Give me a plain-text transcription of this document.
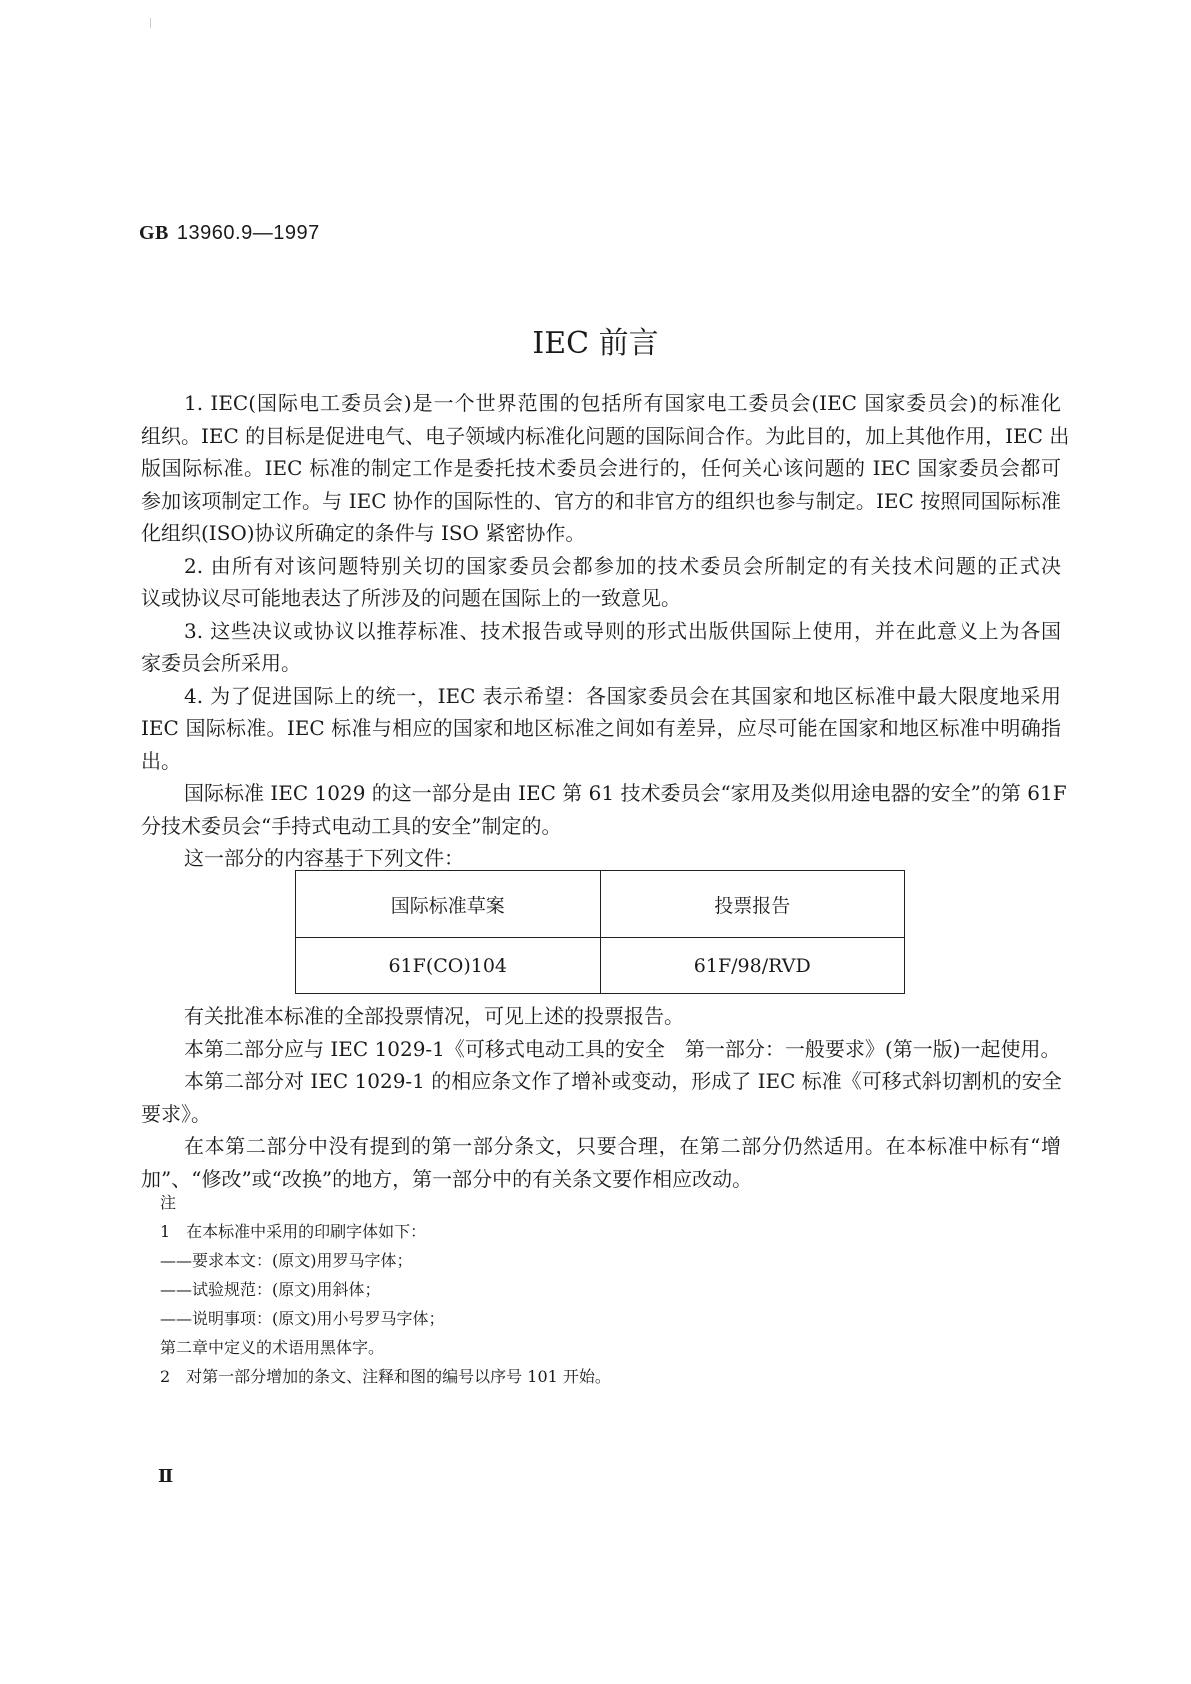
GB 13960.9—1997
IEC 前言
1. IEC(国际电工委员会)是一个世界范围的包括所有国家电工委员会(IEC 国家委员会)的标准化
组织。IEC 的目标是促进电气、电子领域内标准化问题的国际间合作。为此目的，加上其他作用，IEC 出
版国际标准。IEC 标准的制定工作是委托技术委员会进行的，任何关心该问题的 IEC 国家委员会都可
参加该项制定工作。与 IEC 协作的国际性的、官方的和非官方的组织也参与制定。IEC 按照同国际标准
化组织(ISO)协议所确定的条件与 ISO 紧密协作。
2. 由所有对该问题特别关切的国家委员会都参加的技术委员会所制定的有关技术问题的正式决
议或协议尽可能地表达了所涉及的问题在国际上的一致意见。
3. 这些决议或协议以推荐标准、技术报告或导则的形式出版供国际上使用，并在此意义上为各国
家委员会所采用。
4. 为了促进国际上的统一，IEC 表示希望：各国家委员会在其国家和地区标准中最大限度地采用
IEC 国际标准。IEC 标准与相应的国家和地区标准之间如有差异，应尽可能在国家和地区标准中明确指
出。
国际标准 IEC 1029 的这一部分是由 IEC 第 61 技术委员会“家用及类似用途电器的安全”的第 61F
分技术委员会“手持式电动工具的安全”制定的。
这一部分的内容基于下列文件：
国际标准草案	投票报告
61F(CO)104	61F/98/RVD
有关批准本标准的全部投票情况，可见上述的投票报告。
本第二部分应与 IEC 1029-1《可移式电动工具的安全　第一部分：一般要求》(第一版)一起使用。
本第二部分对 IEC 1029-1 的相应条文作了增补或变动，形成了 IEC 标准《可移式斜切割机的安全
要求》。
在本第二部分中没有提到的第一部分条文，只要合理，在第二部分仍然适用。在本标准中标有“增
加”、“修改”或“改换”的地方，第一部分中的有关条文要作相应改动。
注
1　在本标准中采用的印刷字体如下：
——要求本文：(原文)用罗马字体；
——试验规范：(原文)用斜体；
——说明事项：(原文)用小号罗马字体；
第二章中定义的术语用黑体字。
2　对第一部分增加的条文、注释和图的编号以序号 101 开始。
Ⅱ
